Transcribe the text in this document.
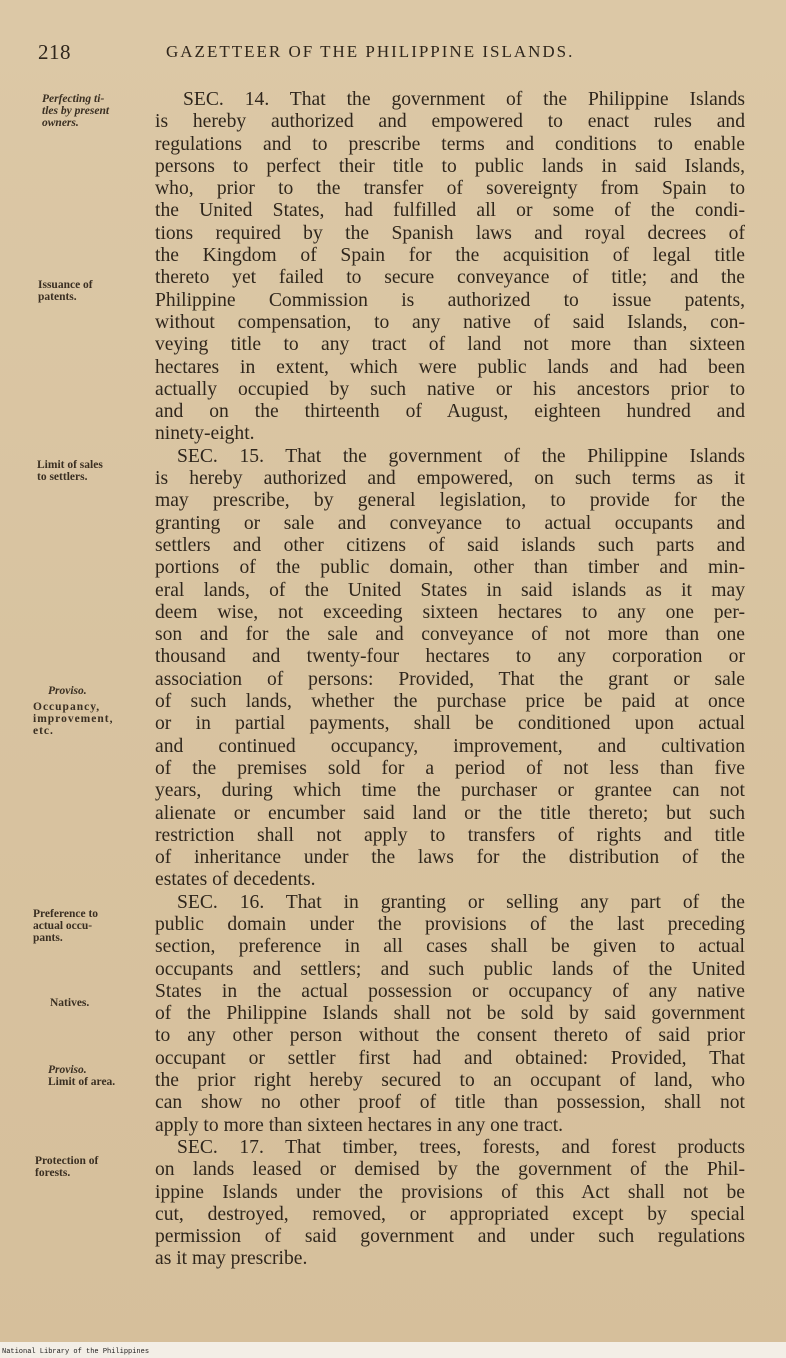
218	GAZETTEER OF THE PHILIPPINE ISLANDS.
Perfecting ti-
tles by present
owners.
Issuance of
patents.
Limit of sales
to settlers.
Proviso.
Occupancy,
improvement,
etc.
Preference to
actual occu-
pants.
Natives.
Proviso.
Limit of area.
Protection of
forests.
SEC. 14. That the government of the Philippine Islands
is hereby authorized and empowered to enact rules and
regulations and to prescribe terms and conditions to enable
persons to perfect their title to public lands in said Islands,
who, prior to the transfer of sovereignty from Spain to
the United States, had fulfilled all or some of the condi-
tions required by the Spanish laws and royal decrees of
the Kingdom of Spain for the acquisition of legal title
thereto yet failed to secure conveyance of title; and the
Philippine Commission is authorized to issue patents,
without compensation, to any native of said Islands, con-
veying title to any tract of land not more than sixteen
hectares in extent, which were public lands and had been
actually occupied by such native or his ancestors prior to
and on the thirteenth of August, eighteen hundred and
ninety-eight.
SEC. 15. That the government of the Philippine Islands
is hereby authorized and empowered, on such terms as it
may prescribe, by general legislation, to provide for the
granting or sale and conveyance to actual occupants and
settlers and other citizens of said islands such parts and
portions of the public domain, other than timber and min-
eral lands, of the United States in said islands as it may
deem wise, not exceeding sixteen hectares to any one per-
son and for the sale and conveyance of not more than one
thousand and twenty-four hectares to any corporation or
association of persons: Provided, That the grant or sale
of such lands, whether the purchase price be paid at once
or in partial payments, shall be conditioned upon actual
and continued occupancy, improvement, and cultivation
of the premises sold for a period of not less than five
years, during which time the purchaser or grantee can not
alienate or encumber said land or the title thereto; but such
restriction shall not apply to transfers of rights and title
of inheritance under the laws for the distribution of the
estates of decedents.
SEC. 16. That in granting or selling any part of the
public domain under the provisions of the last preceding
section, preference in all cases shall be given to actual
occupants and settlers; and such public lands of the United
States in the actual possession or occupancy of any native
of the Philippine Islands shall not be sold by said government
to any other person without the consent thereto of said prior
occupant or settler first had and obtained: Provided, That
the prior right hereby secured to an occupant of land, who
can show no other proof of title than possession, shall not
apply to more than sixteen hectares in any one tract.
SEC. 17. That timber, trees, forests, and forest products
on lands leased or demised by the government of the Phil-
ippine Islands under the provisions of this Act shall not be
cut, destroyed, removed, or appropriated except by special
permission of said government and under such regulations
as it may prescribe.
National Library of the Philippines
